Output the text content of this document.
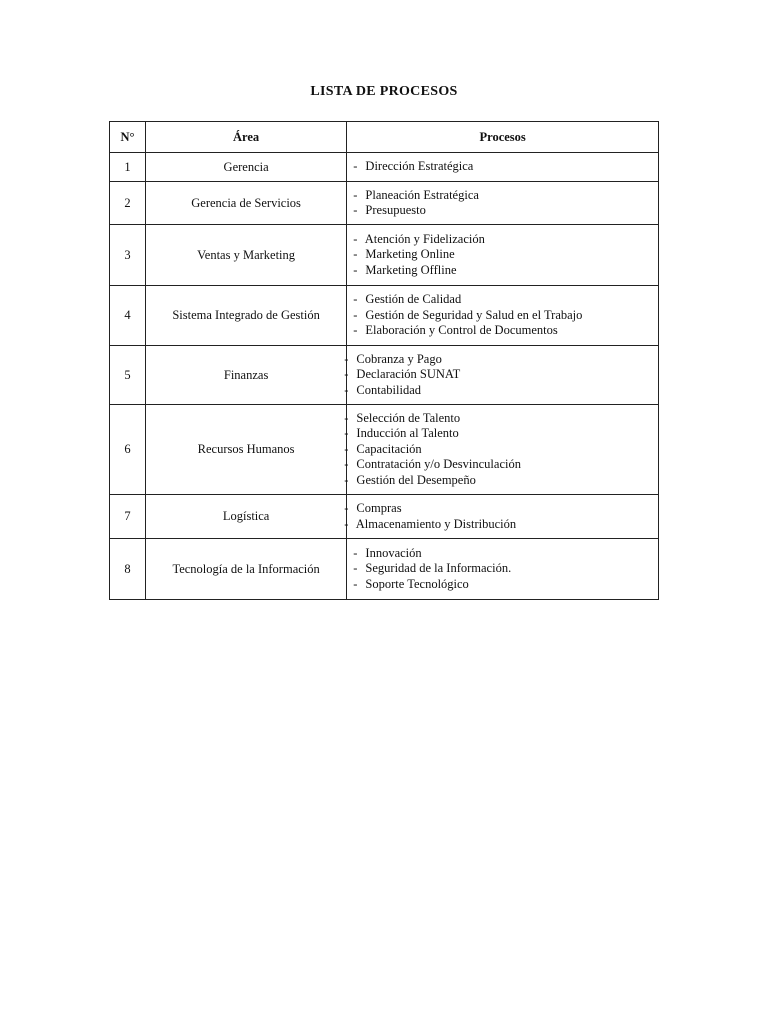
LISTA DE PROCESOS
N°	Área	Procesos
1	Gerencia	- Dirección Estratégica

2	Gerencia de Servicios	- Planeación Estratégica
- Presupuesto

3	Ventas y Marketing	- Atención y Fidelización
- Marketing Online
- Marketing Offline

4	Sistema Integrado de Gestión	- Gestión de Calidad
- Gestión de Seguridad y Salud en el Trabajo
- Elaboración y Control de Documentos

5	Finanzas	- Cobranza y Pago
- Declaración SUNAT
- Contabilidad

6	Recursos Humanos	- Selección de Talento
- Inducción al Talento
- Capacitación
- Contratación y/o Desvinculación
- Gestión del Desempeño

7	Logística	- Compras
- Almacenamiento y Distribución

8	Tecnología de la Información	- Innovación
- Seguridad de la Información.
- Soporte Tecnológico
